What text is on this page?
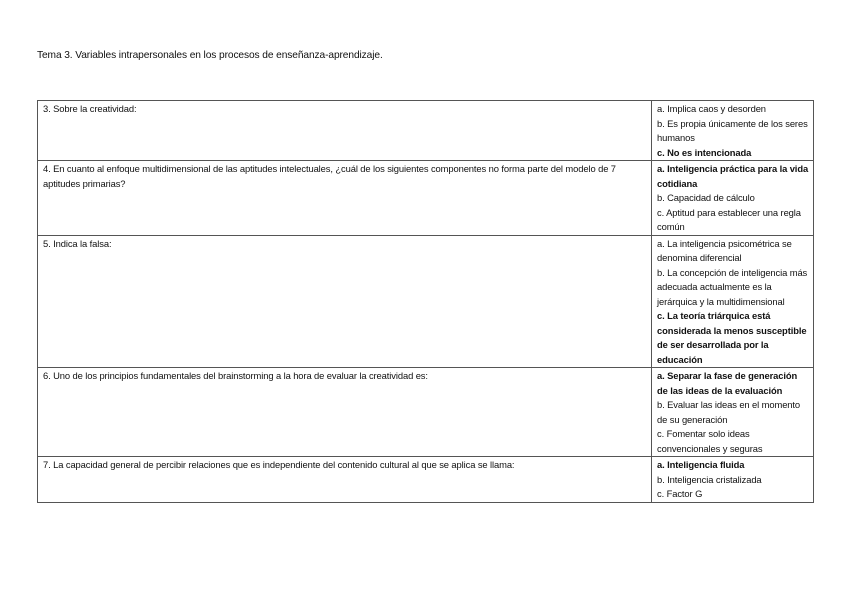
Tema 3. Variables intrapersonales en los procesos de enseñanza-aprendizaje.
3. Sobre la creatividad:	a. Implica caos y desorden
b. Es propia únicamente de los seres humanos
c. No es intencionada

4. En cuanto al enfoque multidimensional de las aptitudes intelectuales, ¿cuál de los siguientes componentes no forma parte del modelo de 7 aptitudes primarias?	a. Inteligencia práctica para la vida cotidiana
b. Capacidad de cálculo
c. Aptitud para establecer una regla común

5. Indica la falsa:	a. La inteligencia psicométrica se denomina diferencial
b. La concepción de inteligencia más adecuada actualmente es la jerárquica y la multidimensional
c. La teoría triárquica está considerada la menos susceptible de ser desarrollada por la educación

6. Uno de los principios fundamentales del brainstorming a la hora de evaluar la creatividad es:	a. Separar la fase de generación de las ideas de la evaluación
b. Evaluar las ideas en el momento de su generación
c. Fomentar solo ideas convencionales y seguras

7. La capacidad general de percibir relaciones que es independiente del contenido cultural al que se aplica se llama:	a. Inteligencia fluida
b. Inteligencia cristalizada
c. Factor G
